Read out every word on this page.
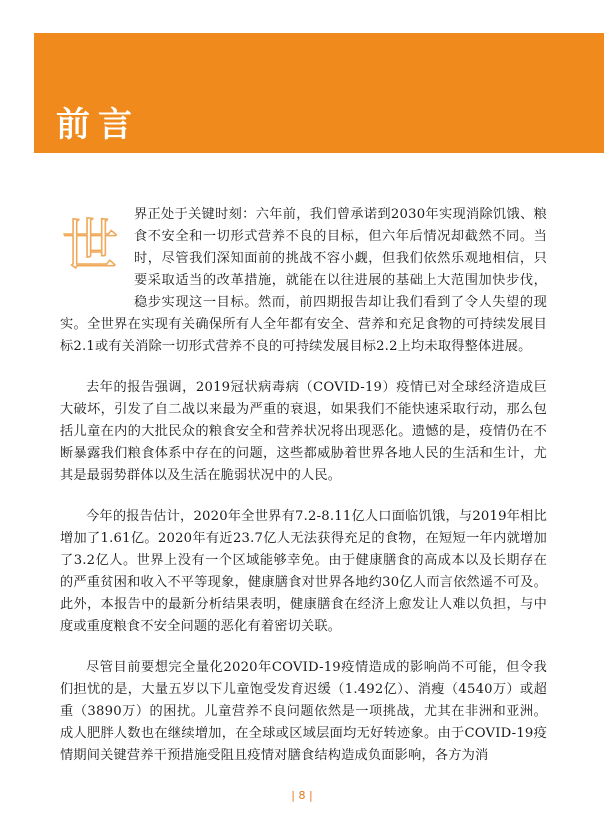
前言
世	界正处于关键时刻：六年前，我们曾承诺到2030年实现消除饥饿、粮食不安全和一切形式营养不良的目标，但六年后情况却截然不同。当时，尽管我们深知面前的挑战不容小觑，但我们依然乐观地相信，只要采取适当的改革措施，就能在以往进展的基础上大范围加快步伐，稳步实现这一目标。然而，前四期报告却让我们看到了令人失望的现实。全世界在实现有关确保所有人全年都有安全、营养和充足食物的可持续发展目标2.1或有关消除一切形式营养不良的可持续发展目标2.2上均未取得整体进展。

去年的报告强调，2019冠状病毒病（COVID-19）疫情已对全球经济造成巨大破坏，引发了自二战以来最为严重的衰退，如果我们不能快速采取行动，那么包括儿童在内的大批民众的粮食安全和营养状况将出现恶化。遗憾的是，疫情仍在不断暴露我们粮食体系中存在的问题，这些都威胁着世界各地人民的生活和生计，尤其是最弱势群体以及生活在脆弱状况中的人民。

今年的报告估计，2020年全世界有7.2-8.11亿人口面临饥饿，与2019年相比增加了1.61亿。2020年有近23.7亿人无法获得充足的食物，在短短一年内就增加了3.2亿人。世界上没有一个区域能够幸免。由于健康膳食的高成本以及长期存在的严重贫困和收入不平等现象，健康膳食对世界各地约30亿人而言依然遥不可及。此外，本报告中的最新分析结果表明，健康膳食在经济上愈发让人难以负担，与中度或重度粮食不安全问题的恶化有着密切关联。

尽管目前要想完全量化2020年COVID-19疫情造成的影响尚不可能，但令我们担忧的是，大量五岁以下儿童饱受发育迟缓（1.492亿）、消瘦（4540万）或超重（3890万）的困扰。儿童营养不良问题依然是一项挑战，尤其在非洲和亚洲。成人肥胖人数也在继续增加，在全球或区域层面均无好转迹象。由于COVID-19疫情期间关键营养干预措施受阻且疫情对膳食结构造成负面影响，各方为消

| 8 |
